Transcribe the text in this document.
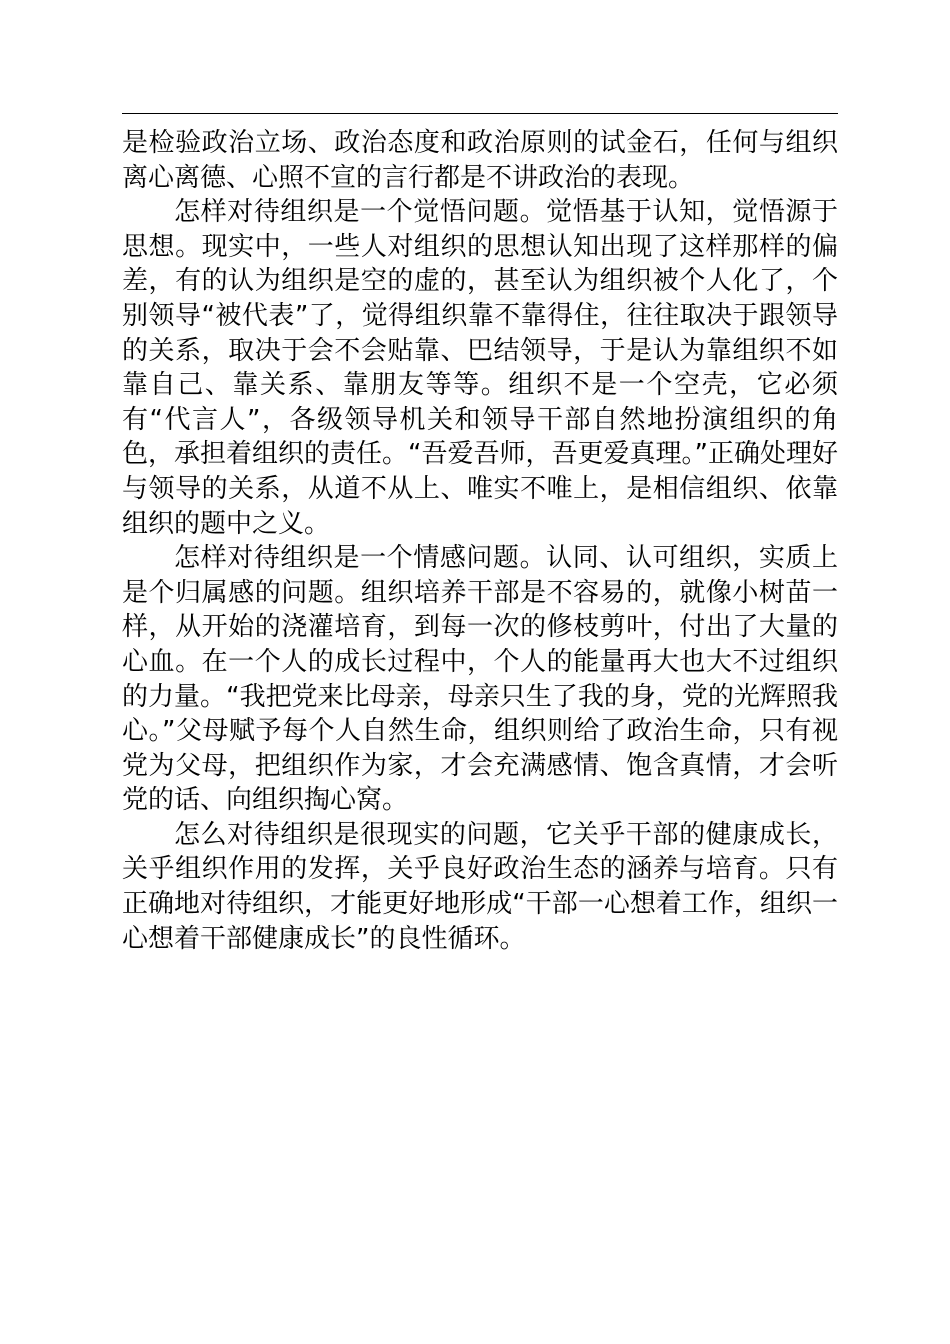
是检验政治立场、政治态度和政治原则的试金石，任何与组织离心离德、心照不宣的言行都是不讲政治的表现。

怎样对待组织是一个觉悟问题。觉悟基于认知，觉悟源于思想。现实中，一些人对组织的思想认知出现了这样那样的偏差，有的认为组织是空的虚的，甚至认为组织被个人化了，个别领导“被代表”了，觉得组织靠不靠得住，往往取决于跟领导的关系，取决于会不会贴靠、巴结领导，于是认为靠组织不如靠自己、靠关系、靠朋友等等。组织不是一个空壳，它必须有“代言人”，各级领导机关和领导干部自然地扮演组织的角色，承担着组织的责任。“吾爱吾师，吾更爱真理。”正确处理好与领导的关系，从道不从上、唯实不唯上，是相信组织、依靠组织的题中之义。

怎样对待组织是一个情感问题。认同、认可组织，实质上是个归属感的问题。组织培养干部是不容易的，就像小树苗一样，从开始的浇灌培育，到每一次的修枝剪叶，付出了大量的心血。在一个人的成长过程中，个人的能量再大也大不过组织的力量。“我把党来比母亲，母亲只生了我的身，党的光辉照我心。”父母赋予每个人自然生命，组织则给了政治生命，只有视党为父母，把组织作为家，才会充满感情、饱含真情，才会听党的话、向组织掏心窝。

怎么对待组织是很现实的问题，它关乎干部的健康成长，关乎组织作用的发挥，关乎良好政治生态的涵养与培育。只有正确地对待组织，才能更好地形成“干部一心想着工作，组织一心想着干部健康成长”的良性循环。
